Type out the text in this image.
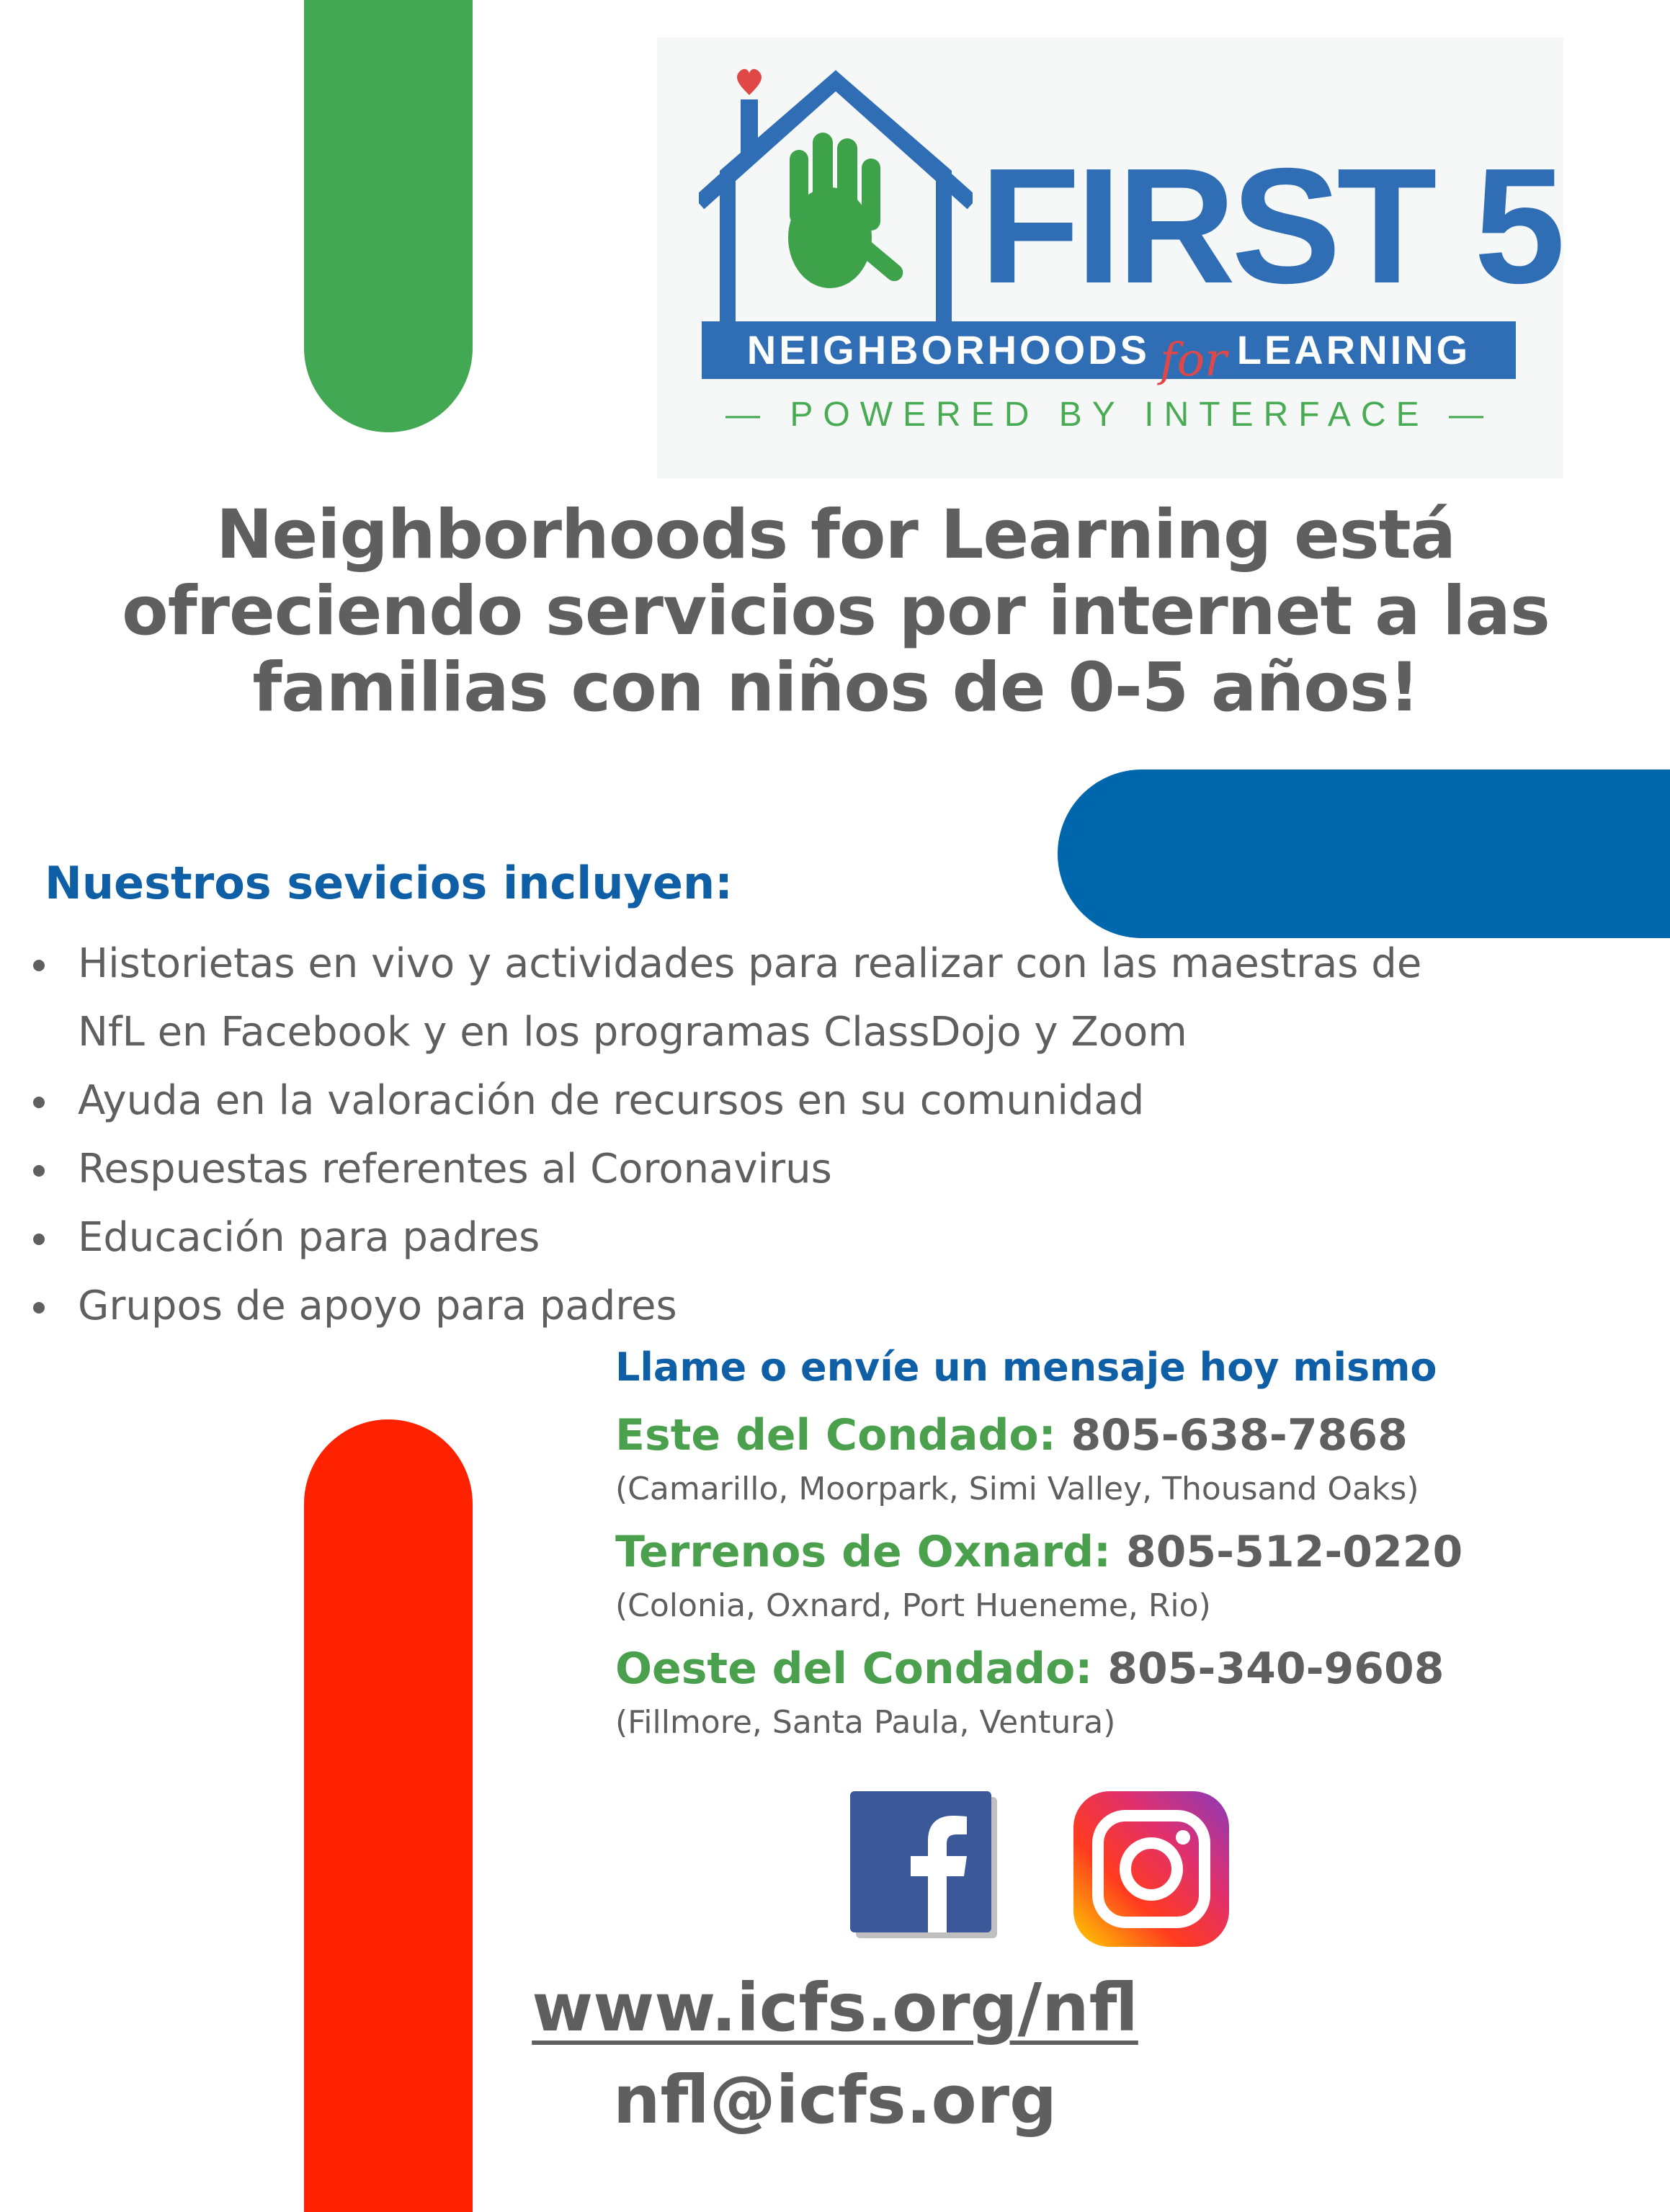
FIRST 5
NEIGHBORHOODS for LEARNING
— POWERED BY INTERFACE —
Neighborhoods for Learning está ofreciendo servicios por internet a las familias con niños de 0-5 años!
Nuestros sevicios incluyen:
Historietas en vivo y actividades para realizar con las maestras de NfL en Facebook y en los programas ClassDojo y Zoom
Ayuda en la valoración de recursos en su comunidad
Respuestas referentes al Coronavirus
Educación para padres
Grupos de apoyo para padres

Llame o envíe un mensaje hoy mismo

Este del Condado: 805-638-7868

(Camarillo, Moorpark, Simi Valley, Thousand Oaks)

Terrenos de Oxnard: 805-512-0220

(Colonia, Oxnard, Port Hueneme, Rio)

Oeste del Condado: 805-340-9608

(Fillmore, Santa Paula, Ventura)

www.icfs.org/nfl

nfl@icfs.org
